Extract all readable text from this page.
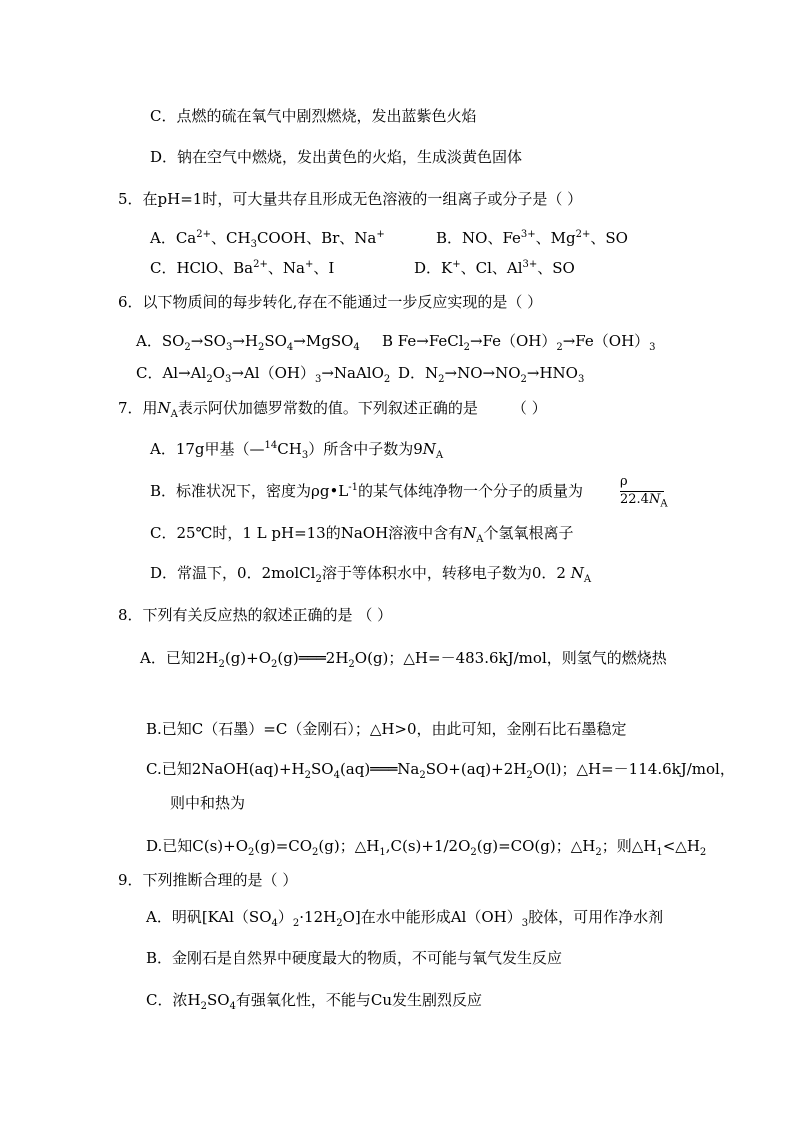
C．点燃的硫在氧气中剧烈燃烧，发出蓝紫色火焰
D．钠在空气中燃烧，发出黄色的火焰，生成淡黄色固体
5．在pH=1时，可大量共存且形成无色溶液的一组离子或分子是（ ）
A．$Ca^{2+}$、$CH_3COOH$、Br、Na+	B．NO、$Fe^{3+}$、$Mg^{2+}$、SO
C．HClO、$Ba^{2+}$、Na+、I	D．K+、Cl、$Al^{3+}$、SO
6．以下物质间的每步转化,存在不能通过一步反应实现的是（ ）
A．$SO_2\to SO_3\to H_2SO_4\to MgSO_4$ B $Fe\to FeCl_2\to Fe(OH)_2\to Fe(OH)_3$
C．$Al\to Al_2O_3\to Al(OH)_3\to NaAlO_2$ D．$N_2\to NO\to NO_2\to HNO_3$
7．用$N_A$表示阿伏加德罗常数的值。下列叙述正确的是 （ ）
A．17g甲基$(—^{14}CH_3)$所含中子数为$9N_A$
B．标准状况下，密度为$\rho g•L^{-1}$的某气体纯净物一个分子的质量为
ρ
$22.4N_A$
C．25℃时，1 L pH=13的NaOH溶液中含有$N_A$个氢氧根离子
D．常温下，0．2molCl$_2$溶于等体积水中，转移电子数为0．2 $N_A$
8．下列有关反应热的叙述正确的是 （ ）
A．已知$2H_2(g)+O_2(g)═══2H_2O(g)$；△H=－483.6kJ/mol，则氢气的燃烧热
B.已知C（石墨）=C（金刚石）；△H>0，由此可知，金刚石比石墨稳定
C.已知$2NaOH(aq)+H_2SO_4(aq)═══Na_2SO+(aq)+2H_2O(l)$；△H=－114.6kJ/mol，
则中和热为
D.已知$C(s)+O_2(g)=CO_2(g)$；$\triangle H_1,C(s)+1/2O_2(g)=CO(g)$；$\triangle H_2$；则$\triangle H_1<\triangle H_2$
9．下列推断合理的是（ ）
A．明矾$[KAl(SO_4)_2\cdot 12H_2O]$在水中能形成$Al(OH)_3$胶体，可用作净水剂
B．金刚石是自然界中硬度最大的物质，不可能与氧气发生反应
C．浓$H_2SO_4$有强氧化性，不能与Cu发生剧烈反应
